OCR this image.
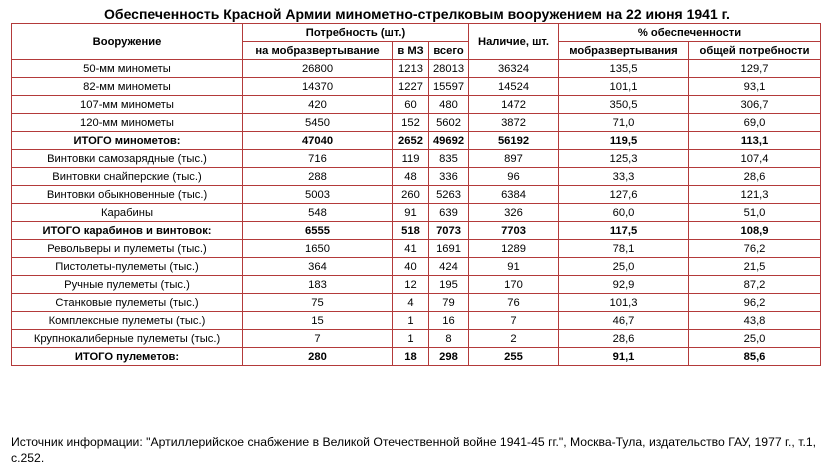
Обеспеченность Красной Армии минометно-стрелковым вооружением на 22 июня 1941 г.
Вооружение	Потребность (шт.)			Наличие, шт.	% обеспеченности	
	на мобразвертывание	в МЗ	всего		мобразвертывания	общей потребности
50-мм минометы	26800	1213	28013	36324	135,5	129,7
82-мм минометы	14370	1227	15597	14524	101,1	93,1
107-мм минометы	420	60	480	1472	350,5	306,7
120-мм минометы	5450	152	5602	3872	71,0	69,0
ИТОГО минометов:	47040	2652	49692	56192	119,5	113,1
Винтовки самозарядные (тыс.)	716	119	835	897	125,3	107,4
Винтовки снайперские (тыс.)	288	48	336	96	33,3	28,6
Винтовки обыкновенные (тыс.)	5003	260	5263	6384	127,6	121,3
Карабины	548	91	639	326	60,0	51,0
ИТОГО карабинов и винтовок:	6555	518	7073	7703	117,5	108,9
Револьверы и пулеметы (тыс.)	1650	41	1691	1289	78,1	76,2
Пистолеты-пулеметы (тыс.)	364	40	424	91	25,0	21,5
Ручные пулеметы (тыс.)	183	12	195	170	92,9	87,2
Станковые пулеметы (тыс.)	75	4	79	76	101,3	96,2
Комплексные пулеметы (тыс.)	15	1	16	7	46,7	43,8
Крупнокалиберные пулеметы (тыс.)	7	1	8	2	28,6	25,0
ИТОГО пулеметов:	280	18	298	255	91,1	85,6
Источник информации: "Артиллерийское снабжение в Великой Отечественной войне 1941-45 гг.", Москва-Тула, издательство ГАУ, 1977 г., т.1, с.252.
